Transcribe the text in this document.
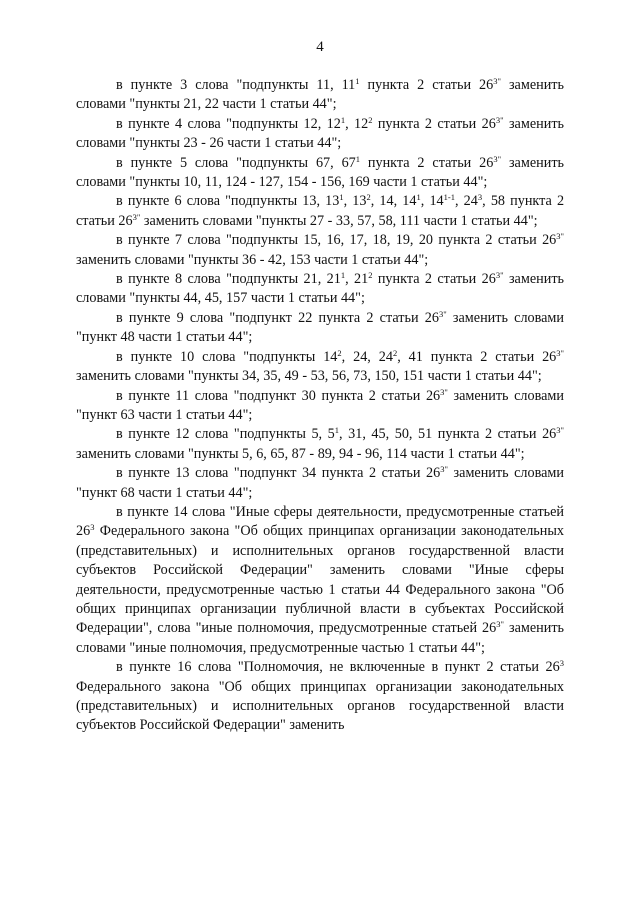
4

в пункте 3 слова "подпункты 11, $11^1$ пункта 2 статьи $26^{3"}$ заменить словами "пункты 21, 22 части 1 статьи 44";

в пункте 4 слова "подпункты 12, $12^1$, $12^2$ пункта 2 статьи $26^{3"}$ заменить словами "пункты 23 - 26 части 1 статьи 44";

в пункте 5 слова "подпункты 67, $67^1$ пункта 2 статьи $26^{3"}$ заменить словами "пункты 10, 11, 124 - 127, 154 - 156, 169 части 1 статьи 44";

в пункте 6 слова "подпункты 13, $13^1$, $13^2$, 14, $14^1$, 14$^{1-1}$, $24^3$, 58 пункта 2 статьи $26^{3"}$ заменить словами "пункты 27 - 33, 57, 58, 111 части 1 статьи 44";

в пункте 7 слова "подпункты 15, 16, 17, 18, 19, 20 пункта 2 статьи $26^{3"}$ заменить словами "пункты 36 - 42, 153 части 1 статьи 44";

в пункте 8 слова "подпункты 21, $21^1$, $21^2$ пункта 2 статьи $26^{3"}$ заменить словами "пункты 44, 45, 157 части 1 статьи 44";

в пункте 9 слова "подпункт 22 пункта 2 статьи $26^{3"}$ заменить словами "пункт 48 части 1 статьи 44";

в пункте 10 слова "подпункты $14^2$, 24, $24^2$, 41 пункта 2 статьи $26^{3"}$ заменить словами "пункты 34, 35, 49 - 53, 56, 73, 150, 151 части 1 статьи 44";

в пункте 11 слова "подпункт 30 пункта 2 статьи $26^{3"}$ заменить словами "пункт 63 части 1 статьи 44";

в пункте 12 слова "подпункты 5, $5^1$, 31, 45, 50, 51 пункта 2 статьи $26^{3"}$ заменить словами "пункты 5, 6, 65, 87 - 89, 94 - 96, 114 части 1 статьи 44";

в пункте 13 слова "подпункт 34 пункта 2 статьи $26^{3"}$ заменить словами "пункт 68 части 1 статьи 44";

в пункте 14 слова "Иные сферы деятельности, предусмотренные статьей $26^3$ Федерального закона "Об общих принципах организации законодательных (представительных) и исполнительных органов государственной власти субъектов Российской Федерации" заменить словами "Иные сферы деятельности, предусмотренные частью 1 статьи 44 Федерального закона "Об общих принципах организации публичной власти в субъектах Российской Федерации", слова "иные полномочия, предусмотренные статьей $26^{3"}$ заменить словами "иные полномочия, предусмотренные частью 1 статьи 44";

в пункте 16 слова "Полномочия, не включенные в пункт 2 статьи $26^3$ Федерального закона "Об общих принципах организации законодательных (представительных) и исполнительных органов государственной власти субъектов Российской Федерации" заменить
